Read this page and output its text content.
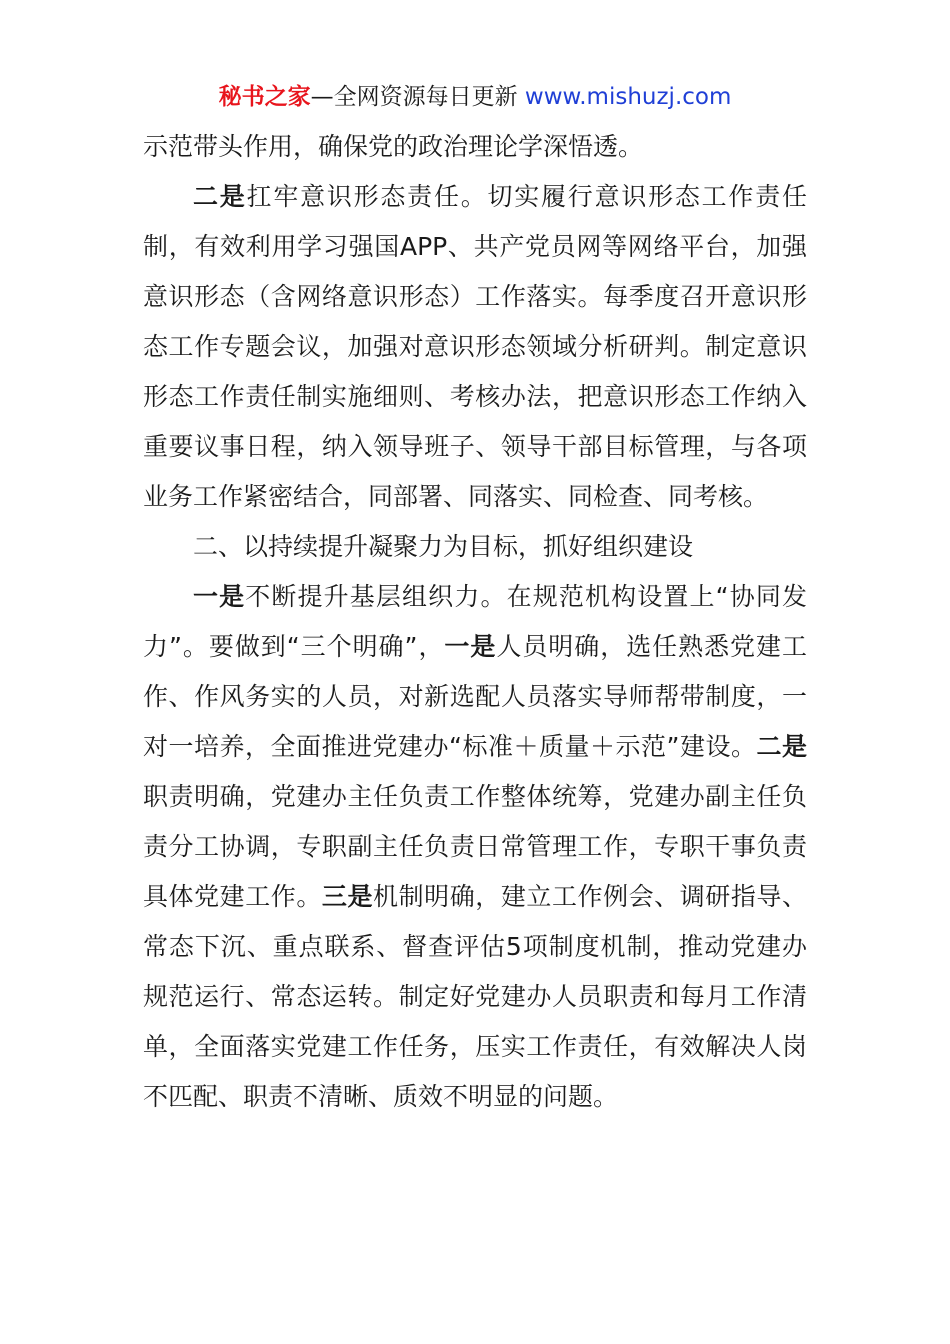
秘书之家—全网资源每日更新 www.mishuzj.com

示范带头作用，确保党的政治理论学深悟透。

二是扛牢意识形态责任。切实履行意识形态工作责任制，有效利用学习强国APP、共产党员网等网络平台，加强意识形态（含网络意识形态）工作落实。每季度召开意识形态工作专题会议，加强对意识形态领域分析研判。制定意识形态工作责任制实施细则、考核办法，把意识形态工作纳入重要议事日程，纳入领导班子、领导干部目标管理，与各项业务工作紧密结合，同部署、同落实、同检查、同考核。

二、以持续提升凝聚力为目标，抓好组织建设

一是不断提升基层组织力。在规范机构设置上“协同发力”。要做到“三个明确”，一是人员明确，选任熟悉党建工作、作风务实的人员，对新选配人员落实导师帮带制度，一对一培养，全面推进党建办“标准＋质量＋示范”建设。二是职责明确，党建办主任负责工作整体统筹，党建办副主任负责分工协调，专职副主任负责日常管理工作，专职干事负责具体党建工作。三是机制明确，建立工作例会、调研指导、常态下沉、重点联系、督查评估5项制度机制，推动党建办规范运行、常态运转。制定好党建办人员职责和每月工作清单，全面落实党建工作任务，压实工作责任，有效解决人岗不匹配、职责不清晰、质效不明显的问题。
